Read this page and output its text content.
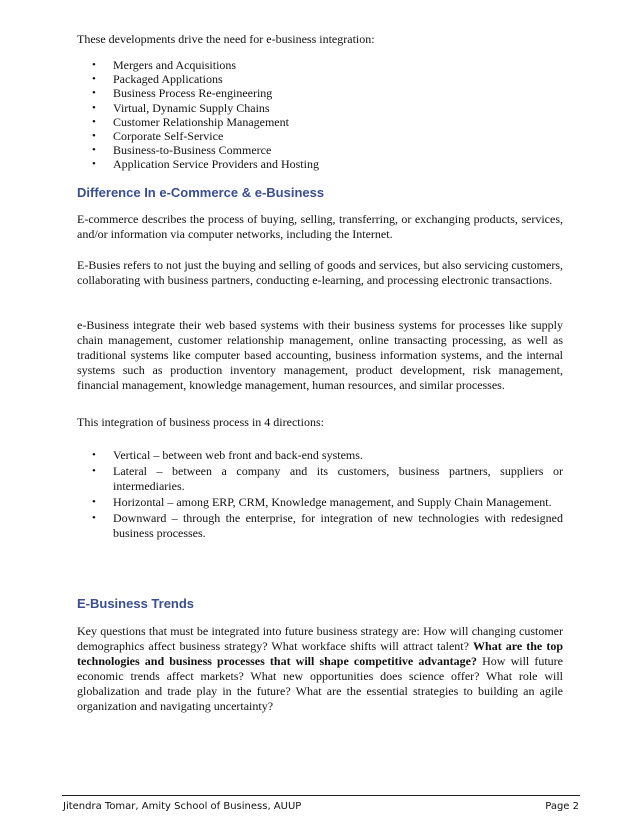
These developments drive the need for e-business integration:

• Mergers and Acquisitions
• Packaged Applications
• Business Process Re-engineering
• Virtual, Dynamic Supply Chains
• Customer Relationship Management
• Corporate Self-Service
• Business-to-Business Commerce
• Application Service Providers and Hosting
Difference In e-Commerce & e-Business

E-commerce describes the process of buying, selling, transferring, or exchanging products, services, and/or information via computer networks, including the Internet.

E-Busies refers to not just the buying and selling of goods and services, but also servicing customers, collaborating with business partners, conducting e-learning, and processing electronic transactions.

e-Business integrate their web based systems with their business systems for processes like supply chain management, customer relationship management, online transacting processing, as well as traditional systems like computer based accounting, business information systems, and the internal systems such as production inventory management, product development, risk management, financial management, knowledge management, human resources, and similar processes.

This integration of business process in 4 directions:

• Vertical – between web front and back-end systems.
• Lateral – between a company and its customers, business partners, suppliers or intermediaries.
• Horizontal – among ERP, CRM, Knowledge management, and Supply Chain Management.
• Downward – through the enterprise, for integration of new technologies with redesigned business processes.
E-Business Trends

Key questions that must be integrated into future business strategy are: How will changing customer demographics affect business strategy? What workface shifts will attract talent? What are the top technologies and business processes that will shape competitive advantage? How will future economic trends affect markets? What new opportunities does science offer? What role will globalization and trade play in the future? What are the essential strategies to building an agile organization and navigating uncertainty?

Jitendra Tomar, Amity School of Business, AUUP	Page 2
